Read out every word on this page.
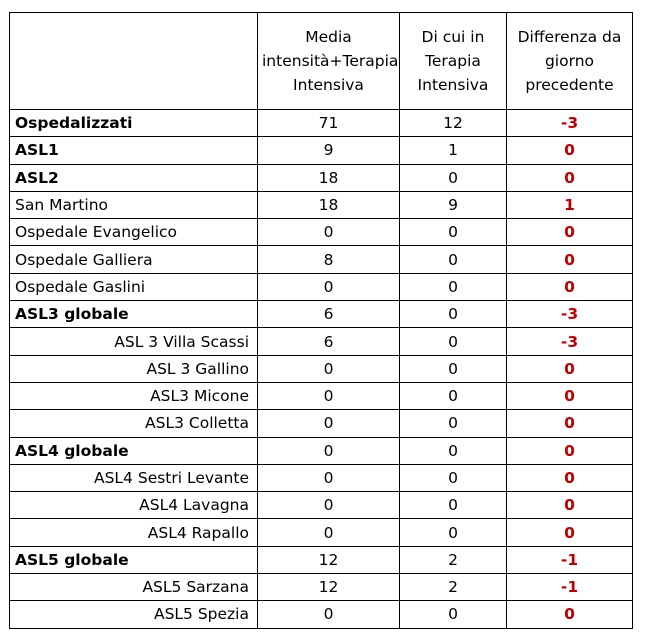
	Media intensità+Terapia Intensiva	Di cui in Terapia Intensiva	Differenza da giorno precedente
Ospedalizzati	71	12	-3
ASL1	9	1	0
ASL2	18	0	0
San Martino	18	9	1
Ospedale Evangelico	0	0	0
Ospedale Galliera	8	0	0
Ospedale Gaslini	0	0	0
ASL3 globale	6	0	-3
ASL 3 Villa Scassi	6	0	-3
ASL 3 Gallino	0	0	0
ASL3 Micone	0	0	0
ASL3 Colletta	0	0	0
ASL4 globale	0	0	0
ASL4 Sestri Levante	0	0	0
ASL4 Lavagna	0	0	0
ASL4 Rapallo	0	0	0
ASL5 globale	12	2	-1
ASL5 Sarzana	12	2	-1
ASL5 Spezia	0	0	0
